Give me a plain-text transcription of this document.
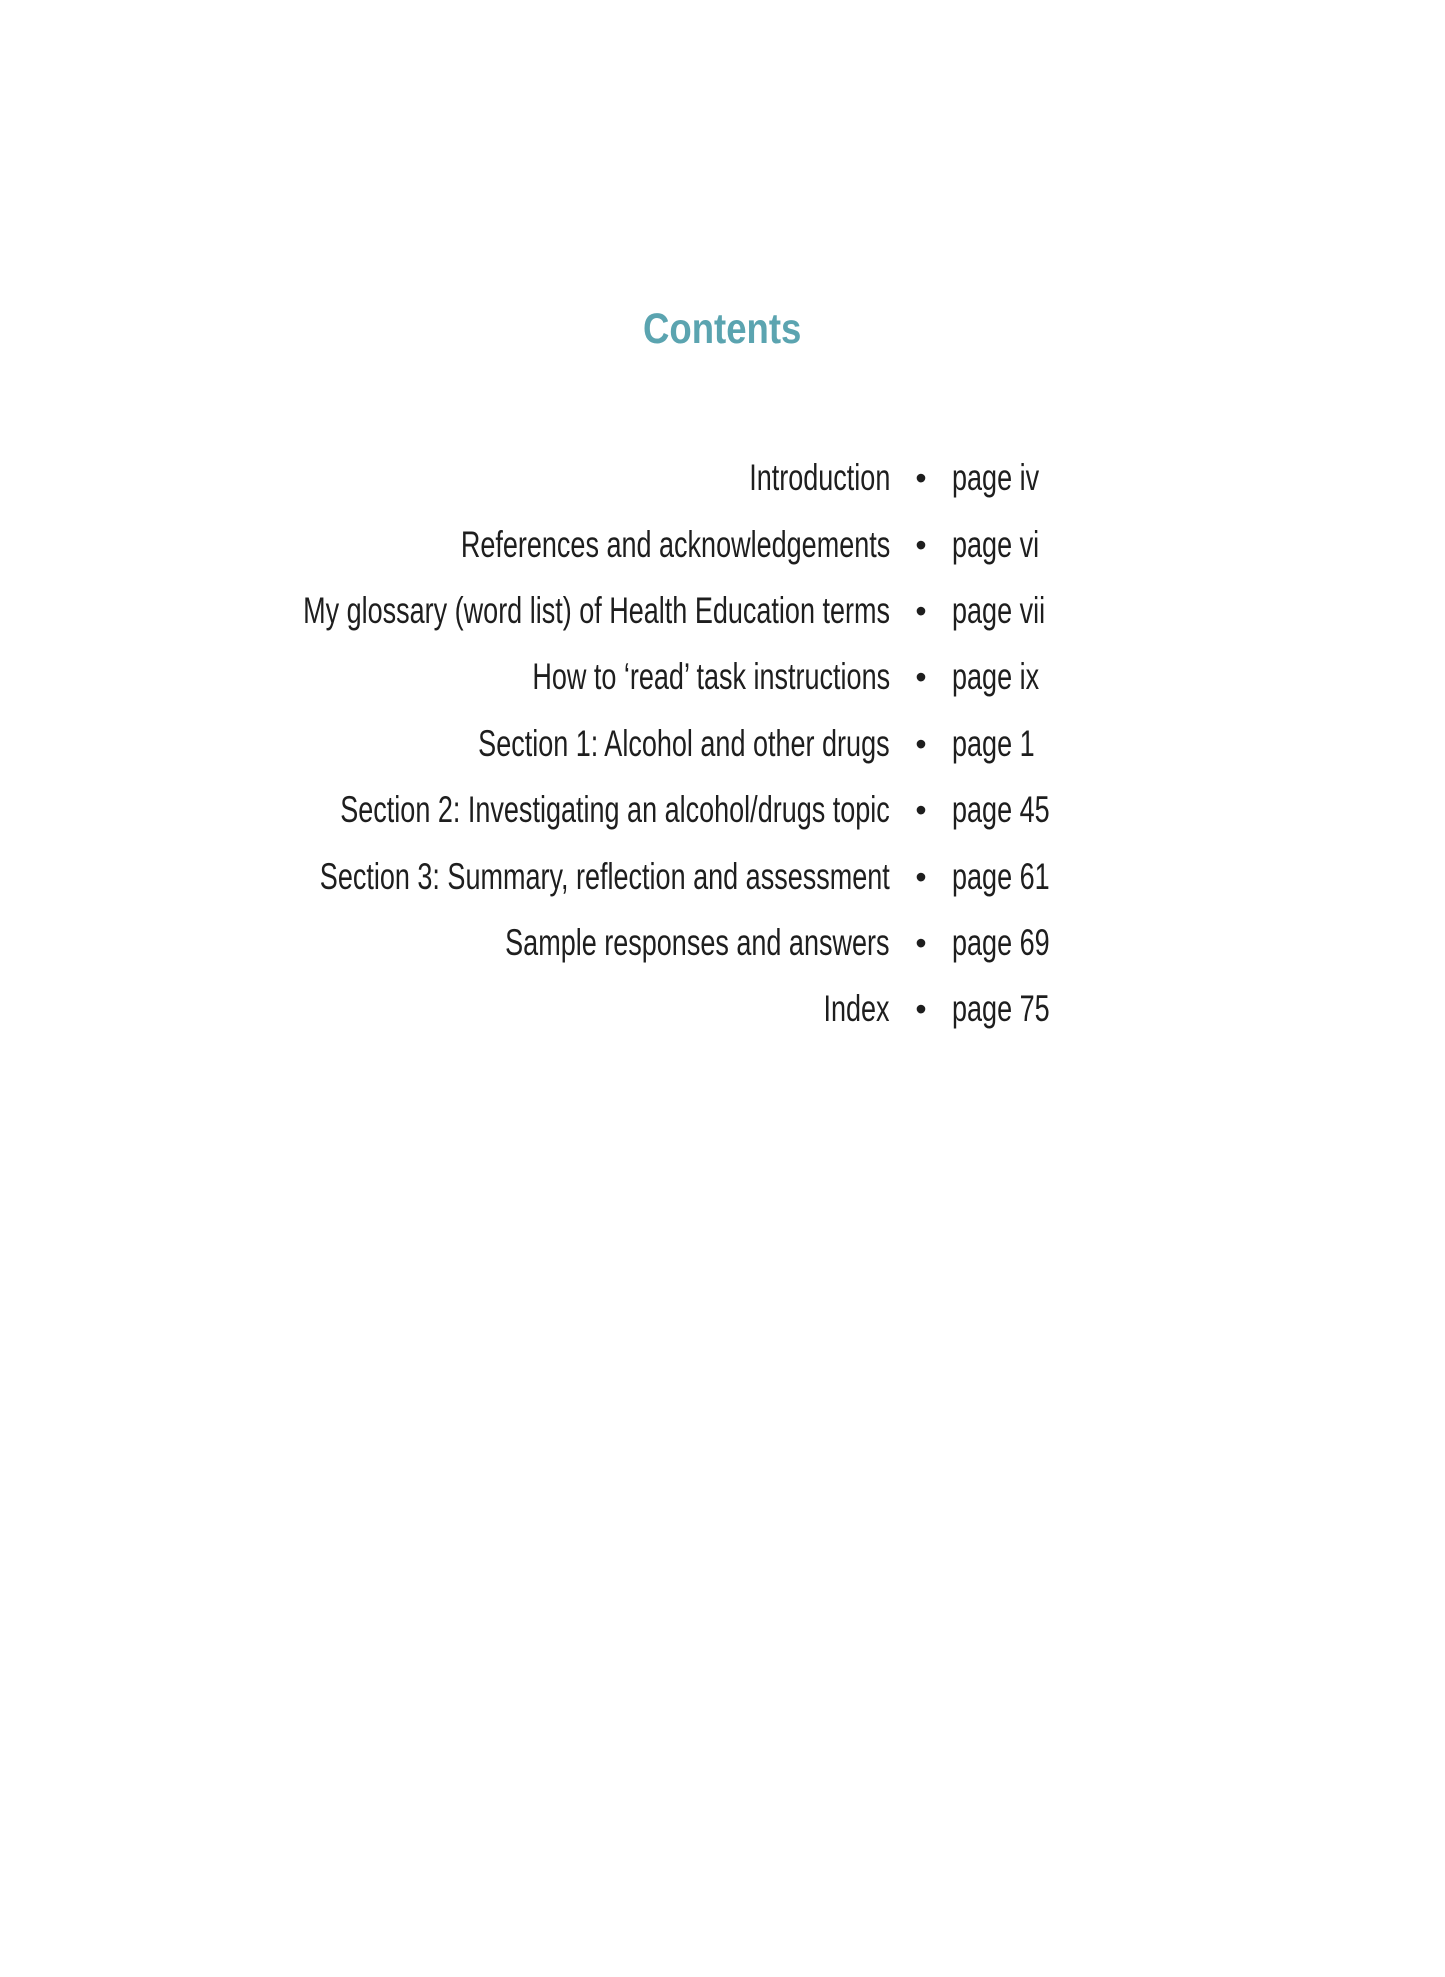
Contents
Introduction • page iv
References and acknowledgements • page vi
My glossary (word list) of Health Education terms • page vii
How to ‘read’ task instructions • page ix
Section 1: Alcohol and other drugs • page 1
Section 2: Investigating an alcohol/drugs topic • page 45
Section 3: Summary, reflection and assessment • page 61
Sample responses and answers • page 69
Index • page 75
